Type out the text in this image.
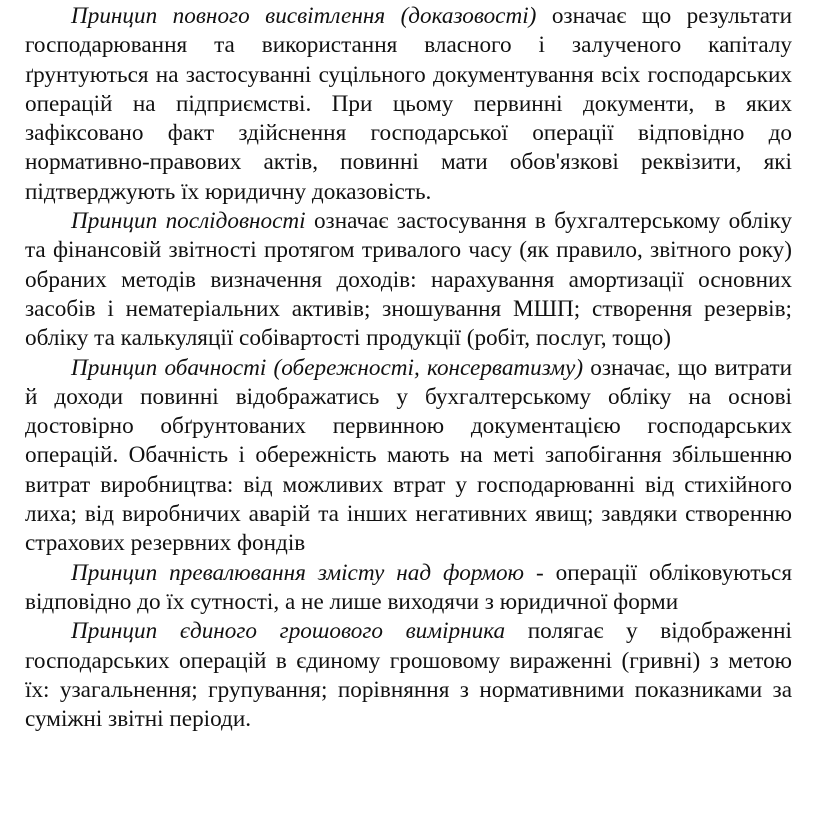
Принцип повного висвітлення (доказовості) означає що результати господарювання та використання власного і залученого капіталу ґрунтуються на застосуванні суцільного документування всіх господарських операцій на підприємстві. При цьому первинні документи, в яких зафіксовано факт здійснення господарської операції відповідно до нормативно-правових актів, повинні мати обов'язкові реквізити, які підтверджують їх юридичну доказовість.

Принцип послідовності означає застосування в бухгалтерському обліку та фінансовій звітності протягом тривалого часу (як правило, звітного року) обраних методів визначення доходів: нарахування амортизації основних засобів і нематеріальних активів; зношування МШП; створення резервів; обліку та калькуляції собівартості продукції (робіт, послуг, тощо)

Принцип обачності (обережності, консерватизму) означає, що витрати й доходи повинні відображатись у бухгалтерському обліку на основі достовірно обґрунтованих первинною документацією господарських операцій. Обачність і обережність мають на меті запобігання збільшенню витрат виробництва: від можливих втрат у господарюванні від стихійного лиха; від виробничих аварій та інших негативних явищ; завдяки створенню страхових резервних фондів

Принцип превалювання змісту над формою - операції обліковуються відповідно до їх сутності, а не лише виходячи з юридичної форми

Принцип єдиного грошового вимірника полягає у відображенні господарських операцій в єдиному грошовому вираженні (гривні) з метою їх: узагальнення; групування; порівняння з нормативними показниками за суміжні звітні періоди.
